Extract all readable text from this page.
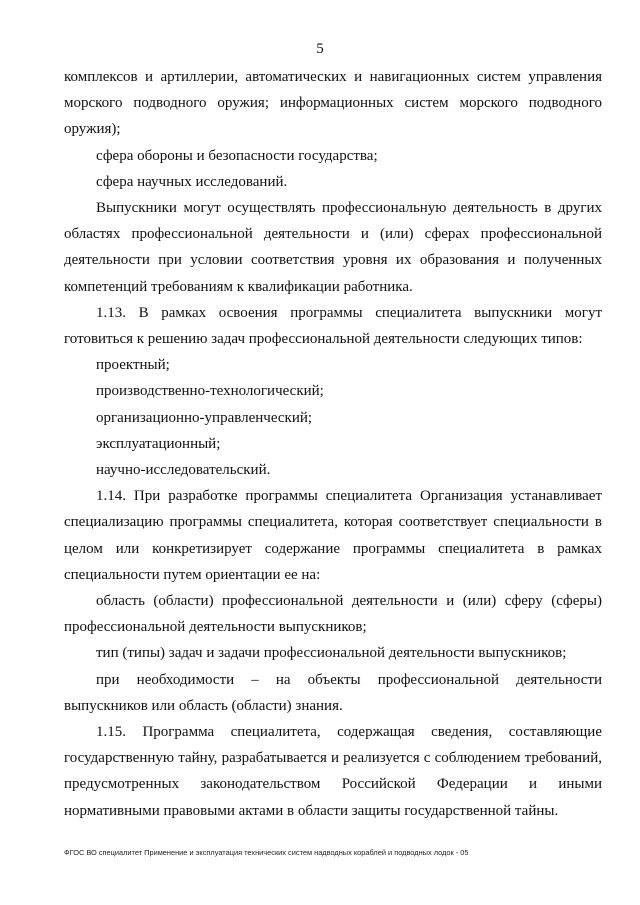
5

комплексов и артиллерии, автоматических и навигационных систем управления морского подводного оружия; информационных систем морского подводного оружия);

сфера обороны и безопасности государства;

сфера научных исследований.

Выпускники могут осуществлять профессиональную деятельность в других областях профессиональной деятельности и (или) сферах профессиональной деятельности при условии соответствия уровня их образования и полученных компетенций требованиям к квалификации работника.

1.13. В рамках освоения программы специалитета выпускники могут готовиться к решению задач профессиональной деятельности следующих типов:

проектный;

производственно-технологический;

организационно-управленческий;

эксплуатационный;

научно-исследовательский.

1.14. При разработке программы специалитета Организация устанавливает специализацию программы специалитета, которая соответствует специальности в целом или конкретизирует содержание программы специалитета в рамках специальности путем ориентации ее на:

область (области) профессиональной деятельности и (или) сферу (сферы) профессиональной деятельности выпускников;

тип (типы) задач и задачи профессиональной деятельности выпускников;

при необходимости – на объекты профессиональной деятельности выпускников или область (области) знания.

1.15. Программа специалитета, содержащая сведения, составляющие государственную тайну, разрабатывается и реализуется с соблюдением требований, предусмотренных законодательством Российской Федерации и иными нормативными правовыми актами в области защиты государственной тайны.

ФГОС ВО специалитет Применение и эксплуатация технических систем надводных кораблей и подводных лодок - 05
